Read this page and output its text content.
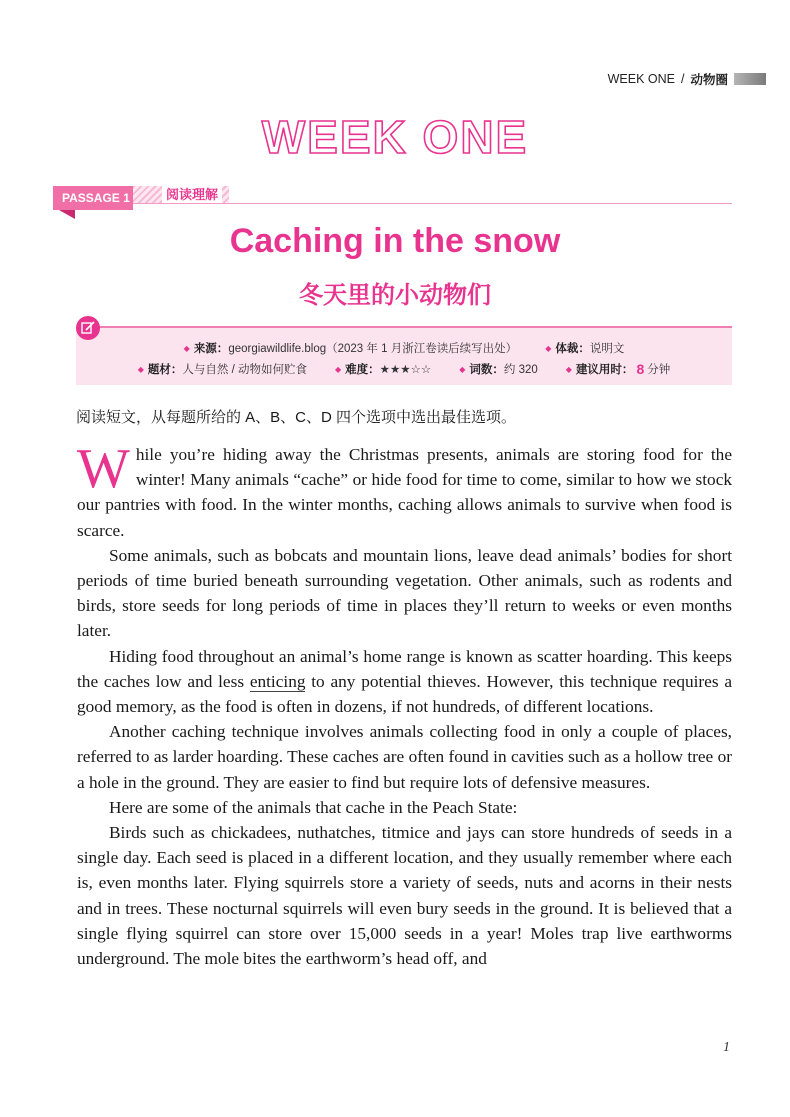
WEEK ONE / 动物圈
WEEK ONE
PASSAGE 1	阅读理解
Caching in the snow
冬天里的小动物们
◆ 来源： georgiawildlife.blog（2023 年 1 月浙江卷读后续写出处）	◆ 体裁： 说明文
◆ 题材： 人与自然 / 动物如何贮食	◆ 难度： ★★★☆☆	◆ 词数： 约 320	◆ 建议用时： 8 分钟
阅读短文，从每题所给的 A、B、C、D 四个选项中选出最佳选项。

While you’re hiding away the Christmas presents, animals are storing food for the winter! Many animals “cache” or hide food for time to come, similar to how we stock our pantries with food. In the winter months, caching allows animals to survive when food is scarce.

Some animals, such as bobcats and mountain lions, leave dead animals’ bodies for short periods of time buried beneath surrounding vegetation. Other animals, such as rodents and birds, store seeds for long periods of time in places they’ll return to weeks or even months later.

Hiding food throughout an animal’s home range is known as scatter hoarding. This keeps the caches low and less enticing to any potential thieves. However, this technique requires a good memory, as the food is often in dozens, if not hundreds, of different locations.

Another caching technique involves animals collecting food in only a couple of places, referred to as larder hoarding. These caches are often found in cavities such as a hollow tree or a hole in the ground. They are easier to find but require lots of defensive measures.

Here are some of the animals that cache in the Peach State:

Birds such as chickadees, nuthatches, titmice and jays can store hundreds of seeds in a single day. Each seed is placed in a different location, and they usually remember where each is, even months later. Flying squirrels store a variety of seeds, nuts and acorns in their nests and in trees. These nocturnal squirrels will even bury seeds in the ground. It is believed that a single flying squirrel can store over 15,000 seeds in a year! Moles trap live earthworms underground. The mole bites the earthworm’s head off, and

1
